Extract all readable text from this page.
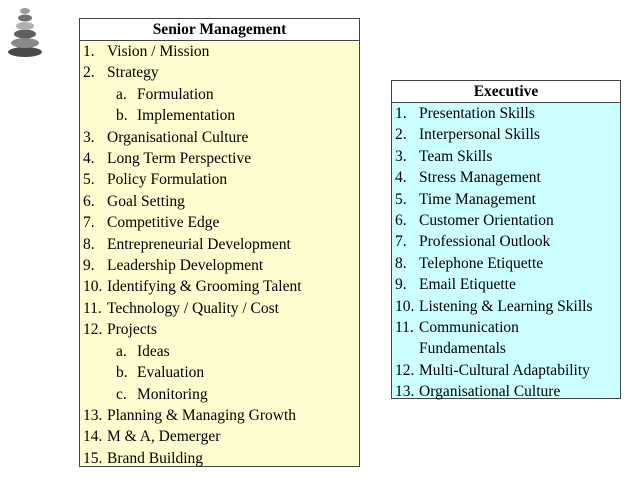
Senior Management
1. Vision / Mission
2. Strategy
a. Formulation
b. Implementation
3. Organisational Culture
4. Long Term Perspective
5. Policy Formulation
6. Goal Setting
7. Competitive Edge
8. Entrepreneurial Development
9. Leadership Development
10. Identifying & Grooming Talent
11. Technology / Quality / Cost
12. Projects
a. Ideas
b. Evaluation
c. Monitoring
13. Planning & Managing Growth
14. M & A, Demerger
15. Brand Building
Executive
1. Presentation Skills
2. Interpersonal Skills
3. Team Skills
4. Stress Management
5. Time Management
6. Customer Orientation
7. Professional Outlook
8. Telephone Etiquette
9. Email Etiquette
10. Listening & Learning Skills
11. Communication
Fundamentals
12. Multi-Cultural Adaptability
13. Organisational Culture
